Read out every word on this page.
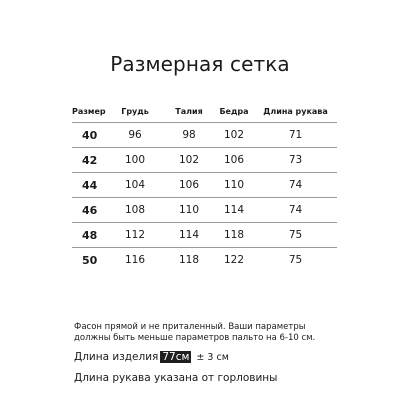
Размерная сетка
Размер	Грудь	Талия	Бедра	Длина рукава
40	96	98	102	71
42	100	102	106	73
44	104	106	110	74
46	108	110	114	74
48	112	114	118	75
50	116	118	122	75
Фасон прямой и не приталенный. Ваши параметры
должны быть меньше параметров пальто на 6-10 см.
Длина изделия 77см ± 3 см
Длина рукава указана от горловины
